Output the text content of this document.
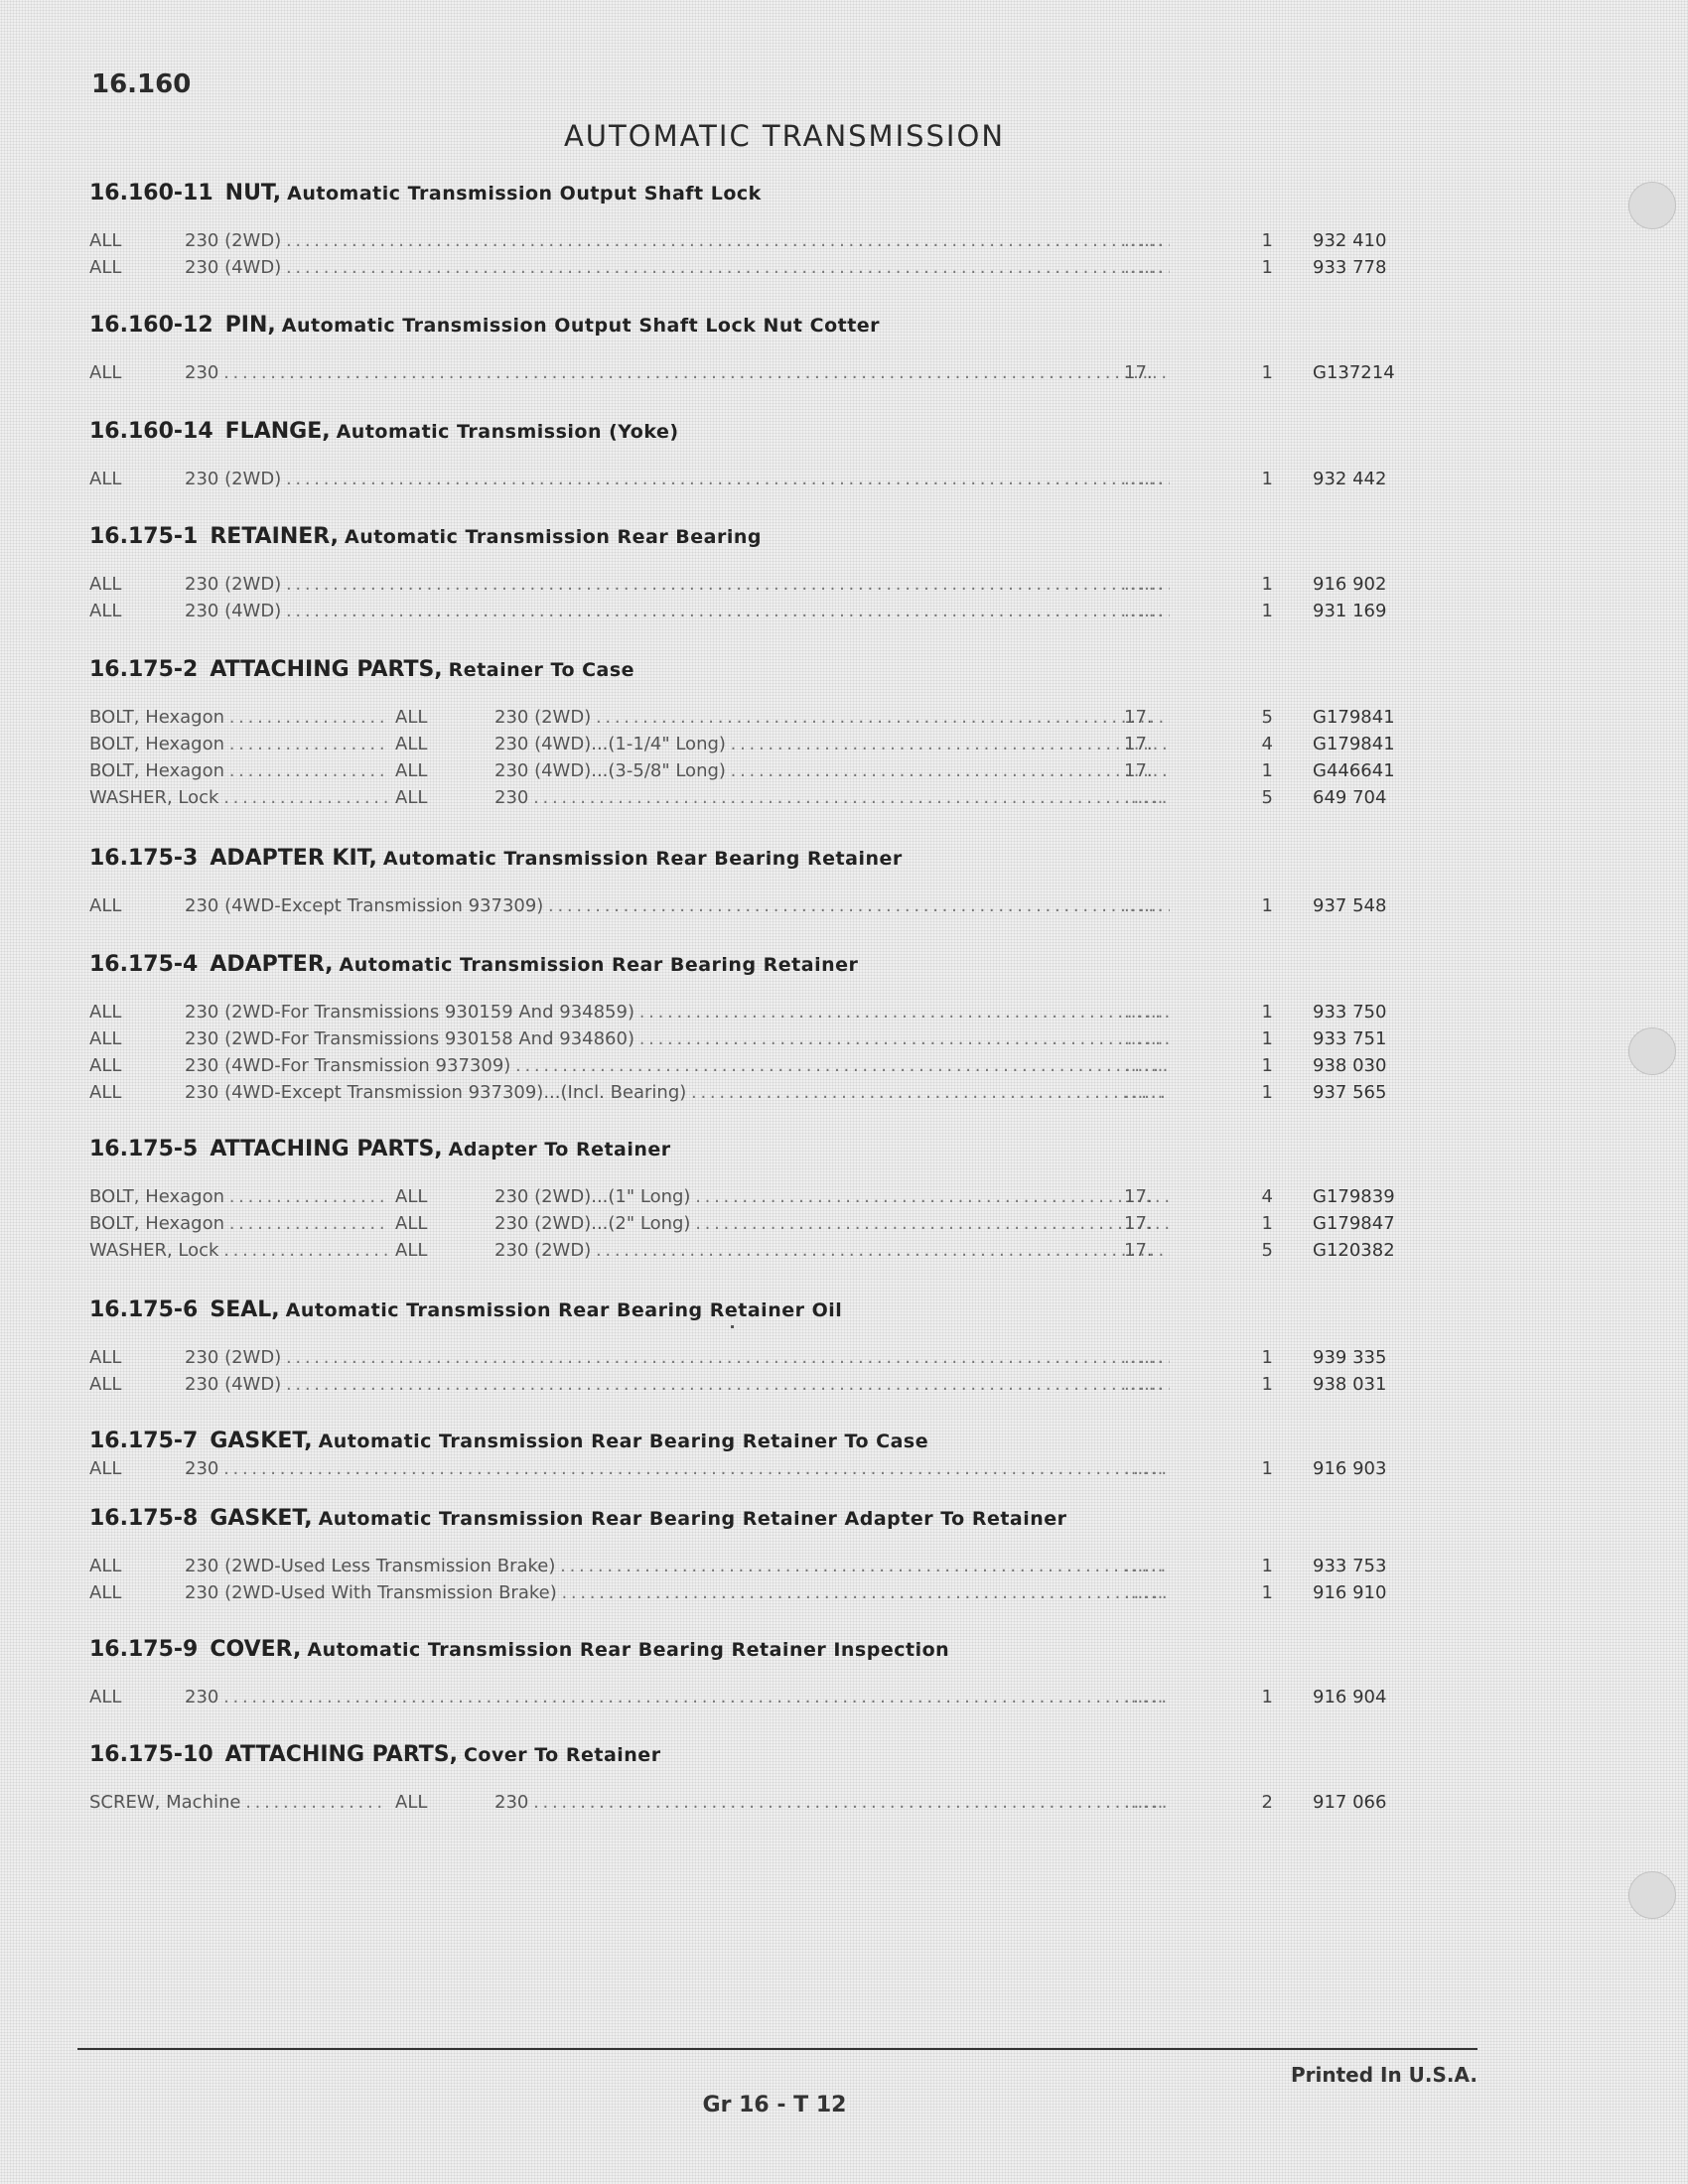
16.160
AUTOMATIC TRANSMISSION
16.160-11 NUT, Automatic Transmission Output Shaft Lock
ALL	230 (2WD) . . .	......	1 932 410
ALL	230 (4WD) . . .	......	1 933 778
16.160-12 PIN, Automatic Transmission Output Shaft Lock Nut Cotter
ALL	230 . . .	17.	1 G137214
16.160-14 FLANGE, Automatic Transmission (Yoke)
ALL	230 (2WD) . . .	......	1 932 442
16.175-1 RETAINER, Automatic Transmission Rear Bearing
ALL	230 (2WD) . . .	......	1 916 902
ALL	230 (4WD) . . .	......	1 931 169
16.175-2 ATTACHING PARTS, Retainer To Case
BOLT, Hexagon . . .	ALL	230 (2WD) . . .	17.	5 G179841
BOLT, Hexagon . . .	ALL	230 (4WD)...(1-1/4" Long) . . .	17.	4 G179841
BOLT, Hexagon . . .	ALL	230 (4WD)...(3-5/8" Long) . . .	17.	1 G446641
WASHER, Lock . . .	ALL	230 . . .	......	5 649 704
16.175-3 ADAPTER KIT, Automatic Transmission Rear Bearing Retainer
ALL	230 (4WD-Except Transmission 937309) . . .	......	1 937 548
16.175-4 ADAPTER, Automatic Transmission Rear Bearing Retainer
ALL	230 (2WD-For Transmissions 930159 And 934859) . . .	......	1 933 750
ALL	230 (2WD-For Transmissions 930158 And 934860) . . .	......	1 933 751
ALL	230 (4WD-For Transmission 937309) . . .	......	1 938 030
ALL	230 (4WD-Except Transmission 937309)...(Incl. Bearing) . . .	......	1 937 565
16.175-5 ATTACHING PARTS, Adapter To Retainer
BOLT, Hexagon . . .	ALL	230 (2WD)...(1" Long) . . .	17.	4 G179839
BOLT, Hexagon . . .	ALL	230 (2WD)...(2" Long) . . .	17.	1 G179847
WASHER, Lock . . .	ALL	230 (2WD) . . .	17.	5 G120382
16.175-6 SEAL, Automatic Transmission Rear Bearing Retainer Oil
ALL	230 (2WD) . . .	......	1 939 335
ALL	230 (4WD) . . .	......	1 938 031
16.175-7 GASKET, Automatic Transmission Rear Bearing Retainer To Case
ALL	230 . . .	......	1 916 903
16.175-8 GASKET, Automatic Transmission Rear Bearing Retainer Adapter To Retainer
ALL	230 (2WD-Used Less Transmission Brake) . . .	......	1 933 753
ALL	230 (2WD-Used With Transmission Brake) . . .	......	1 916 910
16.175-9 COVER, Automatic Transmission Rear Bearing Retainer Inspection
ALL	230 . . .	......	1 916 904
16.175-10 ATTACHING PARTS, Cover To Retainer
SCREW, Machine . . .	ALL	230 . . .	......	2 917 066
Printed In U.S.A.
Gr 16 - T 12
